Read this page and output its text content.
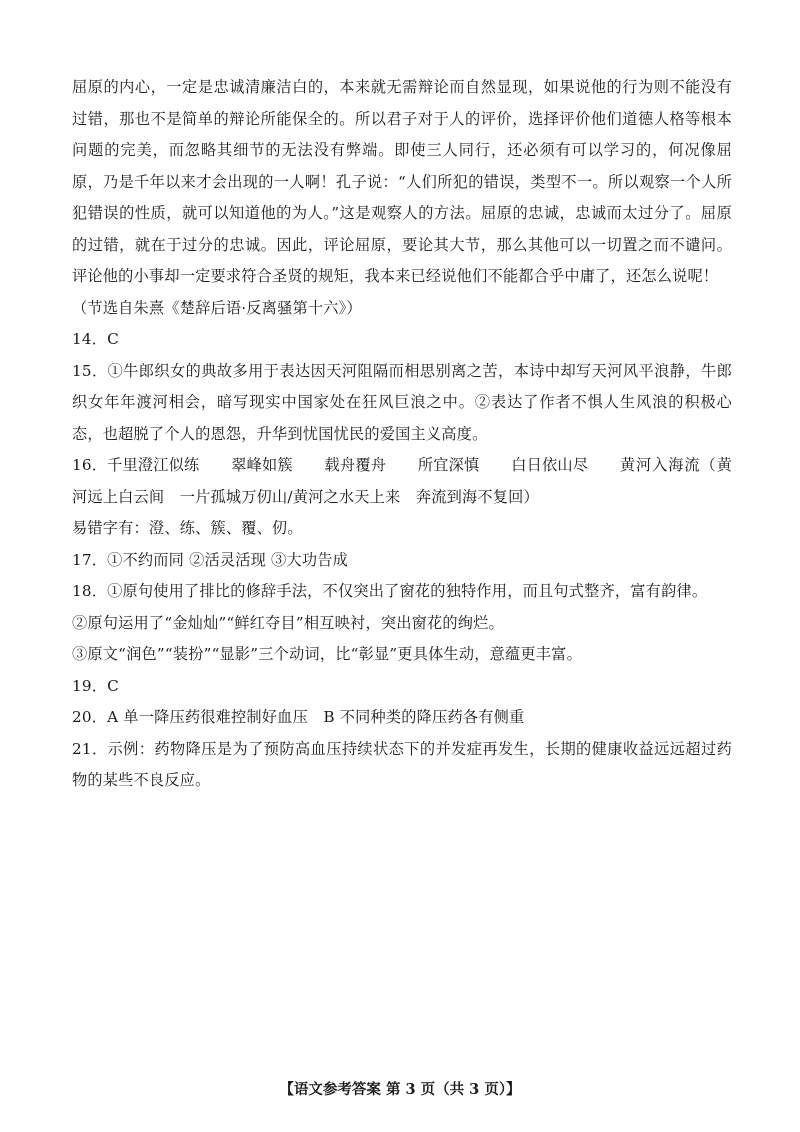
屈原的内心，一定是忠诚清廉洁白的，本来就无需辩论而自然显现，如果说他的行为则不能没有过错，那也不是简单的辩论所能保全的。所以君子对于人的评价，选择评价他们道德人格等根本问题的完美，而忽略其细节的无法没有弊端。即使三人同行，还必须有可以学习的，何况像屈原，乃是千年以来才会出现的一人啊！孔子说：“人们所犯的错误，类型不一。所以观察一个人所犯错误的性质，就可以知道他的为人。”这是观察人的方法。屈原的忠诚，忠诚而太过分了。屈原的过错，就在于过分的忠诚。因此，评论屈原，要论其大节，那么其他可以一切置之而不谴问。评论他的小事却一定要求符合圣贤的规矩，我本来已经说他们不能都合乎中庸了，还怎么说呢！

（节选自朱熹《楚辞后语·反离骚第十六》）

14．C

15．①牛郎织女的典故多用于表达因天河阻隔而相思别离之苦，本诗中却写天河风平浪静，牛郎织女年年渡河相会，暗写现实中国家处在狂风巨浪之中。②表达了作者不惧人生风浪的积极心态，也超脱了个人的恩怨，升华到忧国忧民的爱国主义高度。

16．千里澄江似练 翠峰如簇 载舟覆舟 所宜深慎 白日依山尽 黄河入海流（黄河远上白云间　一片孤城万仞山/黄河之水天上来　奔流到海不复回）

易错字有：澄、练、簇、覆、仞。

17．①不约而同 ②活灵活现 ③大功告成

18．①原句使用了排比的修辞手法，不仅突出了窗花的独特作用，而且句式整齐，富有韵律。

②原句运用了“金灿灿”“鲜红夺目”相互映衬，突出窗花的绚烂。

③原文“润色”“装扮”“显影”三个动词，比“彰显”更具体生动，意蕴更丰富。

19．C

20．A 单一降压药很难控制好血压　B 不同种类的降压药各有侧重

21．示例：药物降压是为了预防高血压持续状态下的并发症再发生，长期的健康收益远远超过药物的某些不良反应。

【语文参考答案 第 3 页（共 3 页）】
